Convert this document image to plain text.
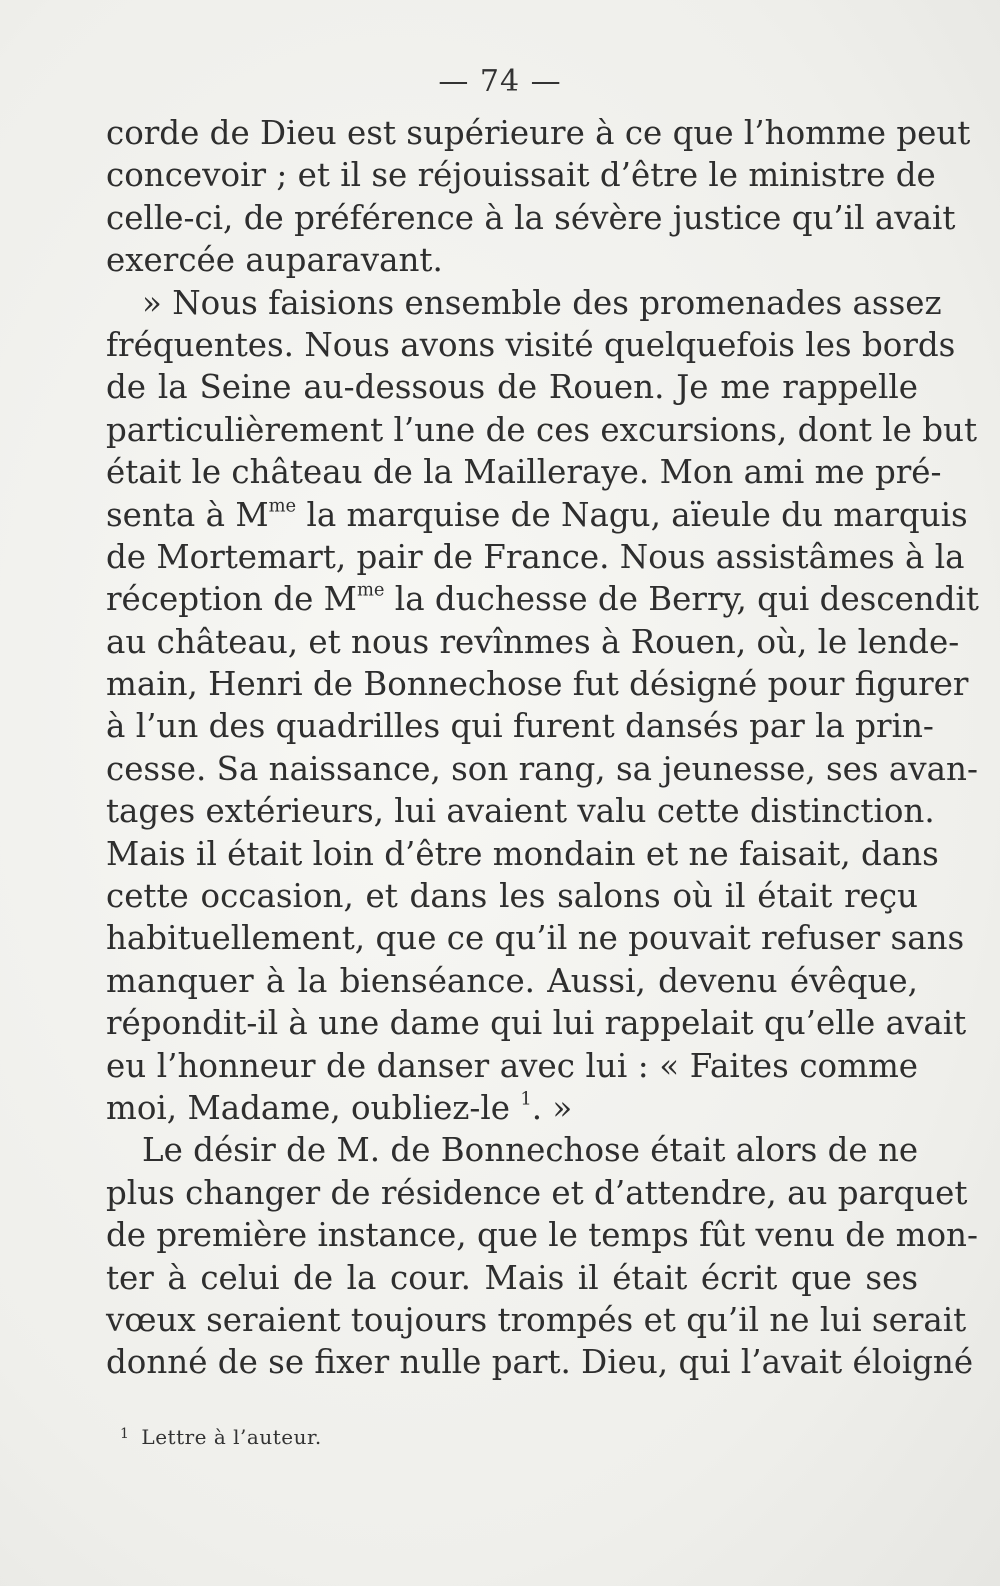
— 74 —
corde de Dieu est supérieure à ce que l’homme peut
concevoir ; et il se réjouissait d’être le ministre de
celle-ci, de préférence à la sévère justice qu’il avait
exercée auparavant.
» Nous faisions ensemble des promenades assez
fréquentes. Nous avons visité quelquefois les bords
de la Seine au-dessous de Rouen. Je me rappelle
particulièrement l’une de ces excursions, dont le but
était le château de la Mailleraye. Mon ami me pré-
senta à $M^{me}$ la marquise de Nagu, aïeule du marquis
de Mortemart, pair de France. Nous assistâmes à la
réception de $M^{me}$ la duchesse de Berry, qui descendit
au château, et nous revînmes à Rouen, où, le lende-
main, Henri de Bonnechose fut désigné pour figurer
à l’un des quadrilles qui furent dansés par la prin-
cesse. Sa naissance, son rang, sa jeunesse, ses avan-
tages extérieurs, lui avaient valu cette distinction.
Mais il était loin d’être mondain et ne faisait, dans
cette occasion, et dans les salons où il était reçu
habituellement, que ce qu’il ne pouvait refuser sans
manquer à la bienséance. Aussi, devenu évêque,
répondit-il à une dame qui lui rappelait qu’elle avait
eu l’honneur de danser avec lui : « Faites comme
moi, Madame, oubliez-le $^1$. »
Le désir de M. de Bonnechose était alors de ne
plus changer de résidence et d’attendre, au parquet
de première instance, que le temps fût venu de mon-
ter à celui de la cour. Mais il était écrit que ses
vœux seraient toujours trompés et qu’il ne lui serait
donné de se fixer nulle part. Dieu, qui l’avait éloigné
$^1$ Lettre à l’auteur.
